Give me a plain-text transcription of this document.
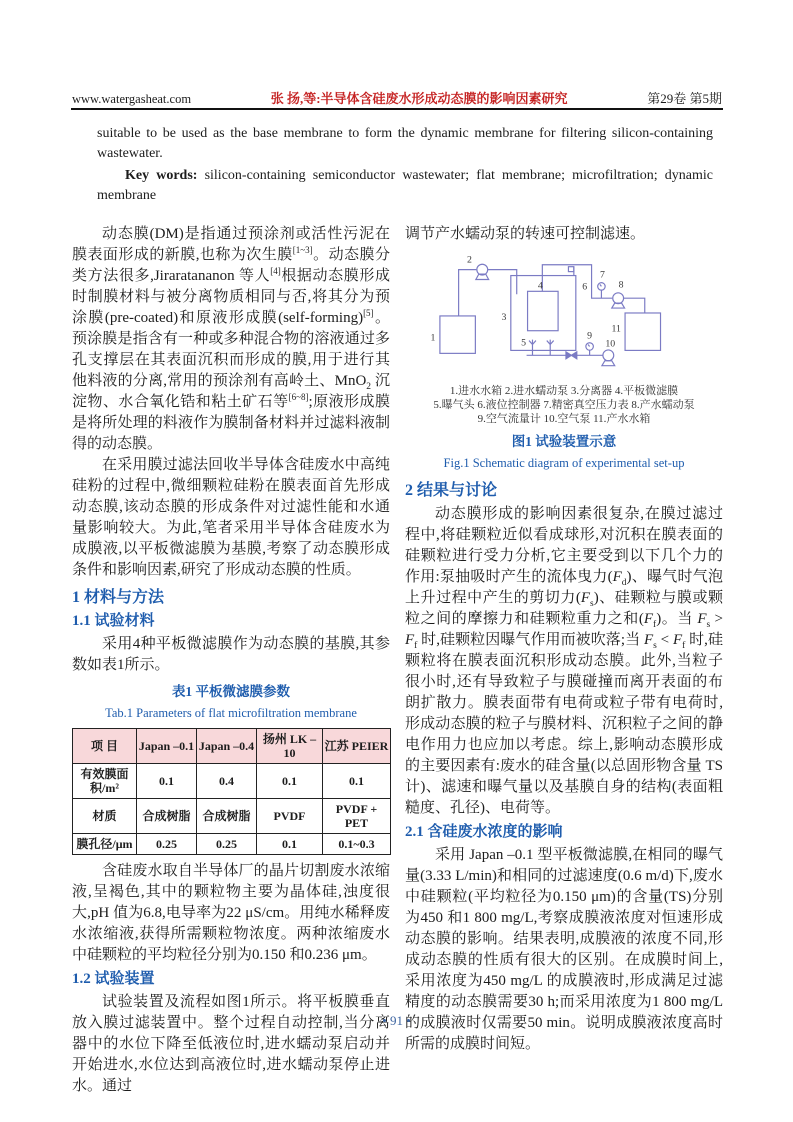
www.watergasheat.com	张 扬,等:半导体含硅废水形成动态膜的影响因素研究	第29卷 第5期

suitable to be used as the base membrane to form the dynamic membrane for filtering silicon-containing wastewater.

Key words: silicon-containing semiconductor wastewater; flat membrane; microfiltration; dynamic membrane

动态膜(DM)是指通过预涂剂或活性污泥在膜表面形成的新膜,也称为次生膜[1~3]。动态膜分类方法很多,Jiraratananon 等人[4]根据动态膜形成时制膜材料与被分离物质相同与否,将其分为预涂膜(pre-coated)和原液形成膜(self-forming)[5]。预涂膜是指含有一种或多种混合物的溶液通过多孔支撑层在其表面沉积而形成的膜,用于进行其他料液的分离,常用的预涂剂有高岭土、MnO$_2$ 沉淀物、水合氧化锆和粘土矿石等[6~8];原液形成膜是将所处理的料液作为膜制备材料并过滤料液制得的动态膜。

在采用膜过滤法回收半导体含硅废水中高纯硅粉的过程中,微细颗粒硅粉在膜表面首先形成动态膜,该动态膜的形成条件对过滤性能和水通量影响较大。为此,笔者采用半导体含硅废水为成膜液,以平板微滤膜为基膜,考察了动态膜形成条件和影响因素,研究了形成动态膜的性质。

1 材料与方法
1.1 试验材料

采用4种平板微滤膜作为动态膜的基膜,其参数如表1所示。

表1 平板微滤膜参数
Tab.1 Parameters of flat microfiltration membrane
项 目	Japan –0.1	Japan –0.4	扬州 LK –10	江苏 PEIER
有效膜面积/m²	0.1	0.4	0.1	0.1
材质	合成树脂	合成树脂	PVDF	PVDF + PET
膜孔径/μm	0.25	0.25	0.1	0.1~0.3

含硅废水取自半导体厂的晶片切割废水浓缩液,呈褐色,其中的颗粒物主要为晶体硅,浊度很大,pH 值为6.8,电导率为22 μS/cm。用纯水稀释废水浓缩液,获得所需颗粒物浓度。两种浓缩废水中硅颗粒的平均粒径分别为0.150 和0.236 μm。

1.2 试验装置

试验装置及流程如图1所示。将平板膜垂直放入膜过滤装置中。整个过程自动控制,当分离器中的水位下降至低液位时,进水蠕动泵启动并开始进水,水位达到高液位时,进水蠕动泵停止进水。通过

调节产水蠕动泵的转速可控制滤速。

1
2
3
4
5
6
7
8
9
10
11
1.进水水箱 2.进水蠕动泵 3.分离器 4.平板微滤膜
5.曝气头 6.液位控制器 7.精密真空压力表 8.产水蠕动泵
9.空气流量计 10.空气泵 11.产水水箱
图1 试验装置示意
Fig.1 Schematic diagram of experimental set-up
2 结果与讨论

动态膜形成的影响因素很复杂,在膜过滤过程中,将硅颗粒近似看成球形,对沉积在膜表面的硅颗粒进行受力分析,它主要受到以下几个力的作用:泵抽吸时产生的流体曳力$(F_d)$、曝气时气泡上升过程中产生的剪切力$(F_s)$、硅颗粒与膜或颗粒之间的摩擦力和硅颗粒重力之和$(F_f)$。当 $F_s > F_f$ 时,硅颗粒因曝气作用而被吹落;当 $F_s < F_f$ 时,硅颗粒将在膜表面沉积形成动态膜。此外,当粒子很小时,还有导致粒子与膜碰撞而离开表面的布朗扩散力。膜表面带有电荷或粒子带有电荷时,形成动态膜的粒子与膜材料、沉积粒子之间的静电作用力也应加以考虑。综上,影响动态膜形成的主要因素有:废水的硅含量(以总固形物含量 TS 计)、滤速和曝气量以及基膜自身的结构(表面粗糙度、孔径)、电荷等。

2.1 含硅废水浓度的影响

采用 Japan –0.1 型平板微滤膜,在相同的曝气量(3.33 L/min)和相同的过滤速度(0.6 m/d)下,废水中硅颗粒(平均粒径为0.150 μm)的含量(TS)分别为450 和1 800 mg/L,考察成膜液浓度对恒速形成动态膜的影响。结果表明,成膜液的浓度不同,形成动态膜的性质有很大的区别。在成膜时间上,采用浓度为450 mg/L 的成膜液时,形成满足过滤精度的动态膜需要30 h;而采用浓度为1 800 mg/L 的成膜液时仅需要50 min。说明成膜液浓度高时所需的成膜时间短。

• 91 •
